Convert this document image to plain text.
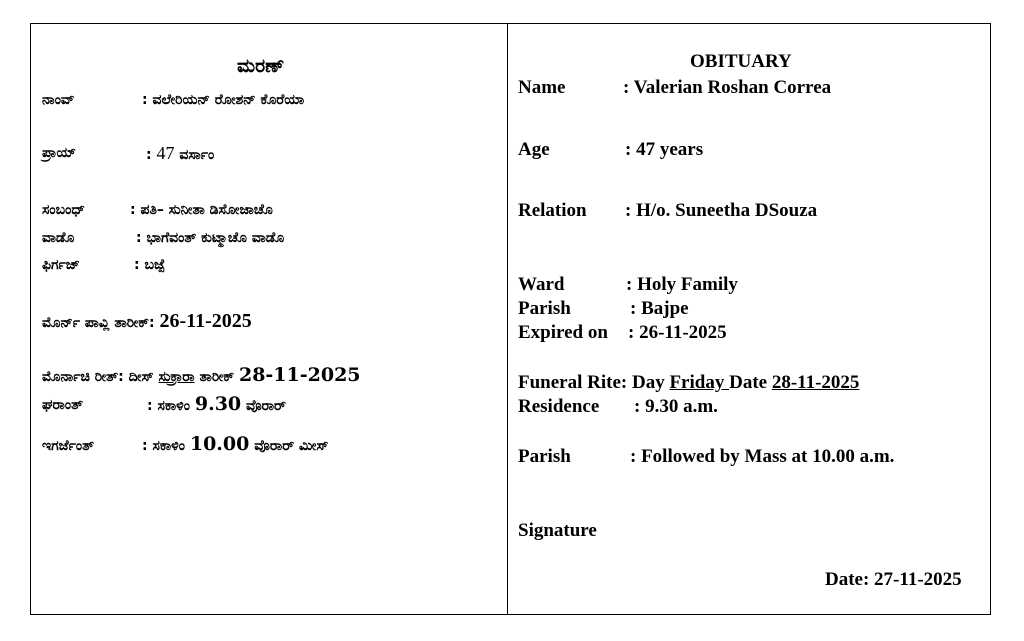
ಮರಣ್
ನಾಂವ್	: ವಲೇರಿಯನ್ ರೋಶನ್ ಕೊರೆಯಾ
ಪ್ರಾಯ್	: 47 ವರ್ಸಾಂ
ಸಂಬಂಧ್	: ಪತಿ– ಸುನೀತಾ ಡಿಸೋಜಾಚೊ
ವಾಡೊ	: ಭಾಗೆವಂತ್ ಕುಟ್ಮಾಚೊ ವಾಡೊ
ಫಿರ್ಗಜ್	: ಬಜ್ಪೆ
ಮೊರ್ನ್ ಪಾವ್ಲಿ ತಾರೀಕ್: 26-11-2025
ಮೊರ್ನಾಚಿ ರೀತ್: ದೀಸ್ ಸುಕ್ರಾರಾ ತಾರೀಕ್ 28-11-2025
ಘರಾಂತ್	: ಸಕಾಳಿಂ 9.30 ವೊರಾರ್
ಇಗರ್ಜೆಂತ್	: ಸಕಾಳಿಂ 10.00 ವೊರಾರ್ ಮೀಸ್
OBITUARY
Name	: Valerian Roshan Correa
Age	: 47 years
Relation : H/o. Suneetha DSouza
Ward	: Holy Family
Parish	: Bajpe
Expired on : 26-11-2025
Funeral Rite: Day Friday Date 28-11-2025
Residence : 9.30 a.m.
Parish	: Followed by Mass at 10.00 a.m.
Signature
Date: 27-11-2025
